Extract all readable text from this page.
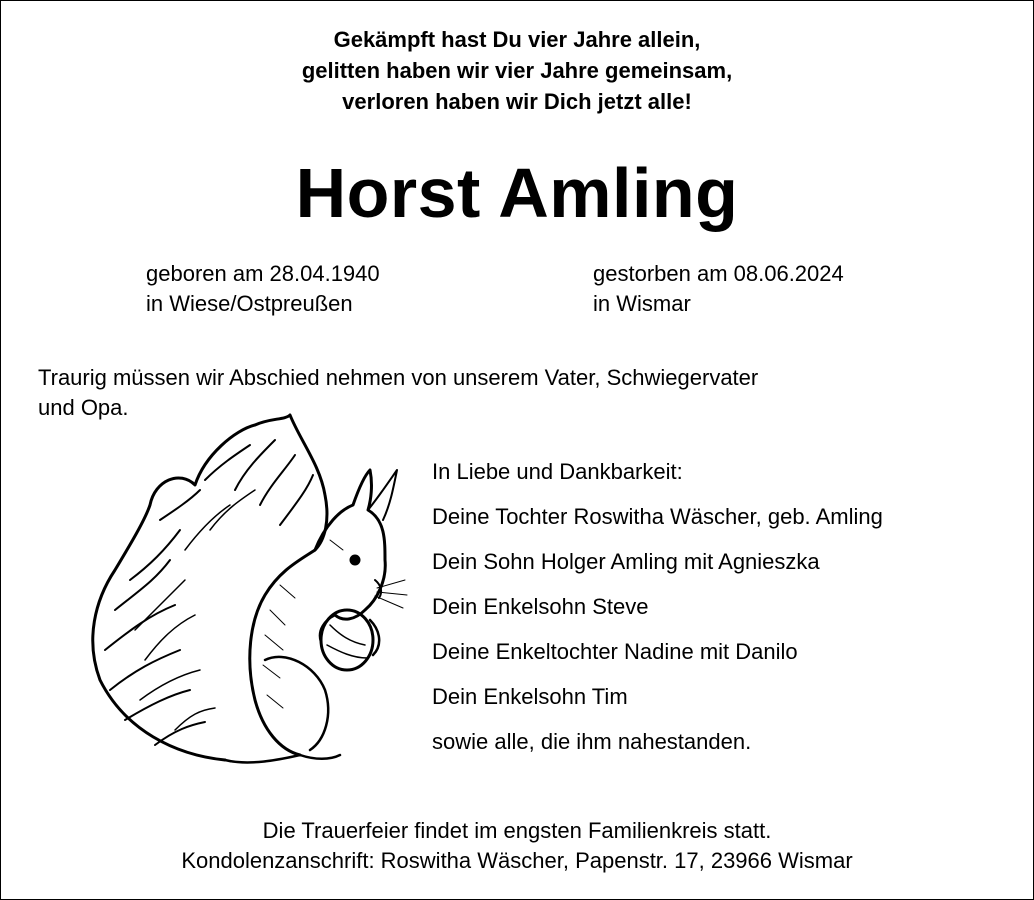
Gekämpft hast Du vier Jahre allein,
gelitten haben wir vier Jahre gemeinsam,
verloren haben wir Dich jetzt alle!
Horst Amling
geboren am 28.04.1940
in Wiese/Ostpreußen
gestorben am 08.06.2024
in Wismar
Traurig müssen wir Abschied nehmen von unserem Vater, Schwiegervater
und Opa.
In Liebe und Dankbarkeit:
Deine Tochter Roswitha Wäscher, geb. Amling
Dein Sohn Holger Amling mit Agnieszka
Dein Enkelsohn Steve
Deine Enkeltochter Nadine mit Danilo
Dein Enkelsohn Tim
sowie alle, die ihm nahestanden.
Die Trauerfeier findet im engsten Familienkreis statt.
Kondolenzanschrift: Roswitha Wäscher, Papenstr. 17, 23966 Wismar
